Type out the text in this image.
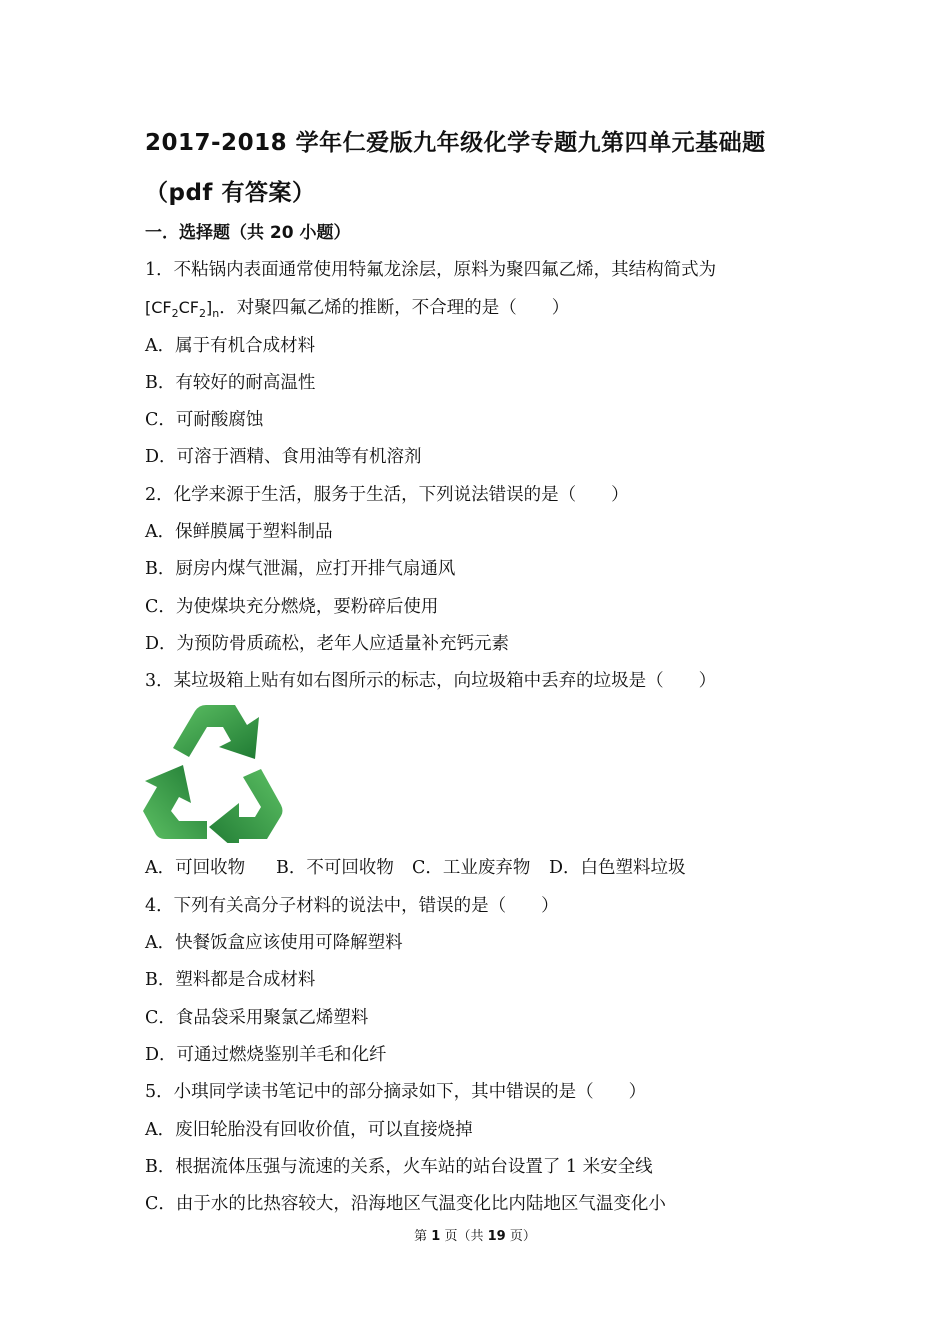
2017-2018 学年仁爱版九年级化学专题九第四单元基础题（pdf 有答案）
一．选择题（共 20 小题）
1．不粘锅内表面通常使用特氟龙涂层，原料为聚四氟乙烯，其结构简式为
$[CF_2CF_2]_n$．对聚四氟乙烯的推断，不合理的是（　　）
A．属于有机合成材料
B．有较好的耐高温性
C．可耐酸腐蚀
D．可溶于酒精、食用油等有机溶剂
2．化学来源于生活，服务于生活，下列说法错误的是（　　）
A．保鲜膜属于塑料制品
B．厨房内煤气泄漏，应打开排气扇通风
C．为使煤块充分燃烧，要粉碎后使用
D．为预防骨质疏松，老年人应适量补充钙元素
3．某垃圾箱上贴有如右图所示的标志，向垃圾箱中丢弃的垃圾是（　　）
A．可回收物 B．不可回收物 C．工业废弃物 D．白色塑料垃圾
4．下列有关高分子材料的说法中，错误的是（　　）
A．快餐饭盒应该使用可降解塑料
B．塑料都是合成材料
C．食品袋采用聚氯乙烯塑料
D．可通过燃烧鉴别羊毛和化纤
5．小琪同学读书笔记中的部分摘录如下，其中错误的是（　　）
A．废旧轮胎没有回收价值，可以直接烧掉
B．根据流体压强与流速的关系，火车站的站台设置了 1 米安全线
C．由于水的比热容较大，沿海地区气温变化比内陆地区气温变化小
第 1 页（共 19 页）
